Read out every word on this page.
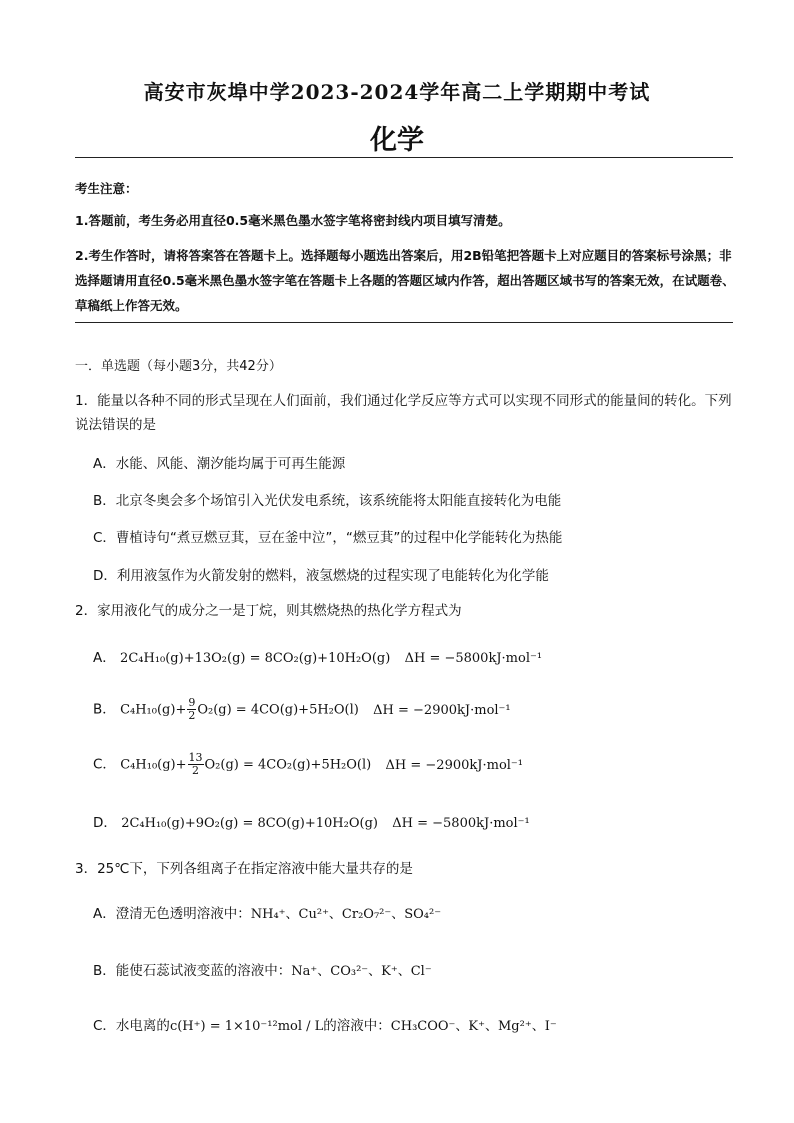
高安市灰埠中学2023-2024学年高二上学期期中考试
化学
考生注意：
1.答题前，考生务必用直径0.5毫米黑色墨水签字笔将密封线内项目填写清楚。
2.考生作答时，请将答案答在答题卡上。选择题每小题选出答案后，用2B铅笔把答题卡上对应题目的答案标号涂黑；非选择题请用直径0.5毫米黑色墨水签字笔在答题卡上各题的答题区域内作答，超出答题区域书写的答案无效，在试题卷、草稿纸上作答无效。
一．单选题（每小题3分，共42分）
1．能量以各种不同的形式呈现在人们面前，我们通过化学反应等方式可以实现不同形式的能量间的转化。下列说法错误的是
A．水能、风能、潮汐能均属于可再生能源
B．北京冬奥会多个场馆引入光伏发电系统，该系统能将太阳能直接转化为电能
C．曹植诗句“煮豆燃豆萁，豆在釜中泣”，“燃豆萁”的过程中化学能转化为热能
D．利用液氢作为火箭发射的燃料，液氢燃烧的过程实现了电能转化为化学能
2．家用液化气的成分之一是丁烷，则其燃烧热的热化学方程式为
A． 2C₄H₁₀(g)+13O₂(g) = 8CO₂(g)+10H₂O(g) ΔH = −5800kJ·mol⁻¹
B． $C_4H_{10}(g)+ \frac{9}{2} O_2(g) = 4CO(g)+5H_2O(l) \Delta H = -2900kJ\cdot mol^{-1}$
C． $C_4H_{10}(g)+ \frac{13}{2} O_2(g) = 4CO_2(g)+5H_2O(l) \Delta H = -2900kJ\cdot mol^{-1}$
D． 2C₄H₁₀(g)+9O₂(g) = 8CO(g)+10H₂O(g) ΔH = −5800kJ·mol⁻¹
3．25℃下，下列各组离子在指定溶液中能大量共存的是
A．澄清无色透明溶液中：NH₄⁺、Cu²⁺、Cr₂O₇²⁻、SO₄²⁻
B．能使石蕊试液变蓝的溶液中：Na⁺、CO₃²⁻、K⁺、Cl⁻
C．水电离的c(H⁺) = 1×10⁻¹²mol / L的溶液中：CH₃COO⁻、K⁺、Mg²⁺、I⁻
